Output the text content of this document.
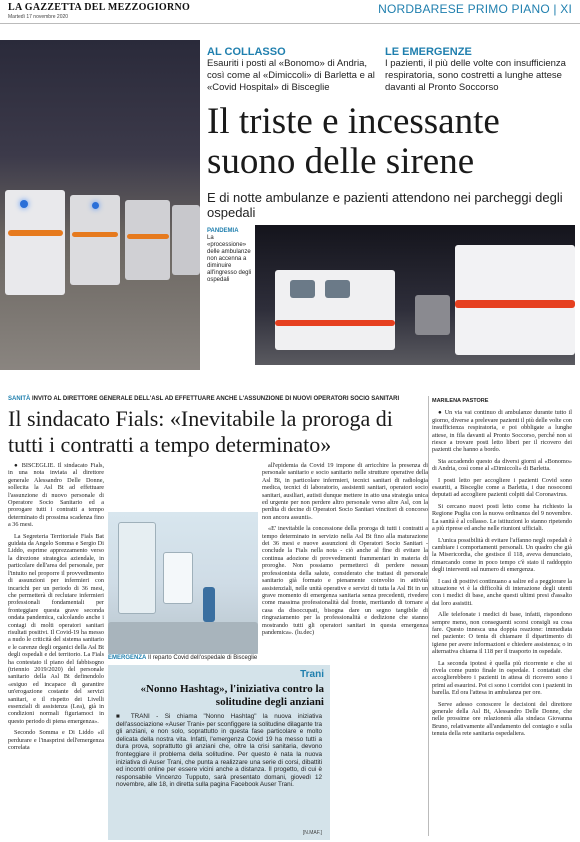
LA GAZZETTA DEL MEZZOGIORNO
Martedì 17 novembre 2020
NORDBARESE PRIMO PIANO | XI
AL COLLASSO
Esauriti i posti al «Bonomo» di Andria, così come al «Dimiccoli» di Barletta e al «Covid Hospital» di Bisceglie
LE EMERGENZE
I pazienti, il più delle volte con insufficienza respiratoria, sono costretti a lunghe attese davanti al Pronto Soccorso
Il triste e incessante suono delle sirene
E di notte ambulanze e pazienti attendono nei parcheggi degli ospedali
PANDEMIA
La «processione» delle ambulanze non accenna a diminuire all'ingresso degli ospedali
SANITÀ INVITO AL DIRETTORE GENERALE DELL'ASL AD EFFETTUARE ANCHE L'ASSUNZIONE DI NUOVI OPERATORI SOCIO SANITARI
Il sindacato Fials: «Inevitabile la proroga di tutti i contratti a tempo determinato»

● BISCEGLIE. Il sindacato Fials, in una nota inviata al direttore generale Alessandro Delle Donne, sollecita la Asl Bt ad effettuare l'assunzione di nuovo personale di Operatore Socio Sanitario ed a prorogare tutti i contratti a tempo determinato di prossima scadenza fino a 36 mesi.

La Segreteria Territoriale Fials Bat guidata da Angelo Somma e Sergio Di Liddo, esprime apprezzamento verso la direzione strategica aziendale, in particolare dell'area del personale, per l'intuito nel proporre il provvedimento di assunzioni per infermieri con incarichi per un periodo di 36 mesi, che permetterà di reclutare infermieri professionali fondamentali per fronteggiare questa grave seconda ondata pandemica, calcolando anche i contagi di molti operatori sanitari risultati positivi. Il Covid-19 ha messo a nudo le criticità del sistema sanitario e le carenze degli organici della Asl Bt degli ospedali e del territorio. La Fials ha contestato il piano del fabbisogno (triennio 2019/2020) del personale sanitario della Asl Bt definendolo «esiguo ed incapace di garantire un'erogazione costante del servizi sanitari, e il rispetto dei Livelli essenziali di assistenza (Lea), già in condizioni normali figuriamoci in questo periodo di piena emergenza».

Secondo Somma e Di Liddo «il perdurare e l'inasprirsi dell'emergenza correlata

EMERGENZA Il reparto Covid dell'ospedale di Bisceglie

all'epidemia da Covid 19 impone di arricchire la presenza di personale sanitario e socio sanitario nelle strutture operative della Asl Bt, in particolare infermieri, tecnici sanitari di radiologia medica, tecnici di laboratorio, assistenti sanitari, operatori socio sanitari, ausiliari, autisti dunque mettere in atto una strategia unica ed urgente per non perdere altro personale verso altre Asl, con la perdita di decine di Operatori Socio Sanitari vincitori di concorso non ancora assunti».

«E' inevitabile la concessione della proroga di tutti i contratti a tempo determinato in servizio nella Asl Bt fino alla maturazione dei 36 mesi e nuove assunzioni di Operatori Socio Sanitari - conclude la Fials nella nota - ciò anche al fine di evitare la continua adozione di provvedimenti frammentari in materia di proroghe. Non possiamo permetterci di perdere nessun professionista della salute, considerato che trattasi di personale sanitario già formato e pienamente coinvolto in attività assistenziali, nelle unità operative e servizi di tutta la Asl Bt in un grave momento di emergenza sanitaria senza precedenti, rivedere come massima professionalità dal fronte, meritando di tornare a casa da disoccupati, bisogna dare un segno tangibile di ringraziamento per la professionalità e dedizione che stanno mostrando tutti gli operatori sanitari in questa emergenza pandemica». (lu.dec)

Trani
«Nonno Hashtag», l'iniziativa contro la solitudine degli anziani
■ TRANI - Si chiama "Nonno Hashtag" la nuova iniziativa dell'associazione «Auser Trani» per sconfiggere la solitudine dilagante tra gli anziani, e non solo, soprattutto in questa fase particolare e molto delicata della nostra vita. Infatti, l'emergenza Covid 19 ha messo tutti a dura prova, soprattutto gli anziani che, oltre la crisi sanitaria, devono fronteggiare il problema della solitudine. Per questo è nata la nuova iniziativa di Auser Trani, che punta a realizzare una serie di corsi, dibattiti ed incontri online per essere vicini anche a distanza. Il progetto, di cui è responsabile Vincenzo Tupputo, sarà presentato domani, giovedì 12 novembre, alle 18, in diretta sulla pagina Facebook Auser Trani.
[N.MAF.]
MARILENA PASTORE

● Un via vai continuo di ambulanze durante tutto il giorno, diverse a prelevare pazienti il più delle volte con insufficienza respiratoria, e poi obbligate a lunghe attese, in fila davanti al Pronto Soccorso, perché non si riesce a trovare posti letto liberi per il ricovero dei pazienti che hanno a bordo.

Sta accadendo questo da diversi giorni al «Bonomo» di Andria, così come al «Dimiccoli» di Barletta.

I posti letto per accogliere i pazienti Covid sono esauriti, a Bisceglie come a Barletta, i due nosocomi deputati ad accogliere pazienti colpiti dal Coronavirus.

Si cercano nuovi posti letto come ha richiesto la Regione Puglia con la nuova ordinanza del 9 novembre. La sanità è al collasso. Le istituzioni lo stanno ripetendo a più riprese ed anche nelle riunioni ufficiali.

L'unica possibilità di evitare l'affanno negli ospedali è cambiare i comportamenti personali. Un quadro che già la Misericordia, che gestisce il 118, aveva denunciato, rimarcando come in poco tempo c'è stato il raddoppio degli interventi sul numero di emergenza.

I casi di positivi continuano a salire ed a peggiorare la situazione vi è la difficoltà di interazione degli utenti con i medici di base, anche questi ultimi presi d'assalto dai loro assistiti.

Alle telefonate i medici di base, infatti, rispondono sempre meno, non conseguenti scorsi consigli su cosa fare. Questo innesca una doppia reazione: immediata nel paziente: O tenta di chiamare il dipartimento di igiene per avere informazioni e chiedere assistenza; o in alternativa chiama il 118 per il trasporto in ospedale.

La seconda ipotesi è quella più ricorrente e che si rivela come punto finale in ospedale. I contattati che accoglierebbero i pazienti in attesa di ricovero sono i primi ad esaurirsi. Poi ci sono i corridoi con i pazienti in barella. Ed ora l'attesa in ambulanza per ore.

Serve adesso conoscere le decisioni del direttore generale della Asl Bt, Alessandro Delle Donne, che nelle prossime ore relazionerà alla sindaca Giovanna Bruno, relativamente all'andamento del contagio e sulla tenuta della rete sanitaria ospedaliera.
